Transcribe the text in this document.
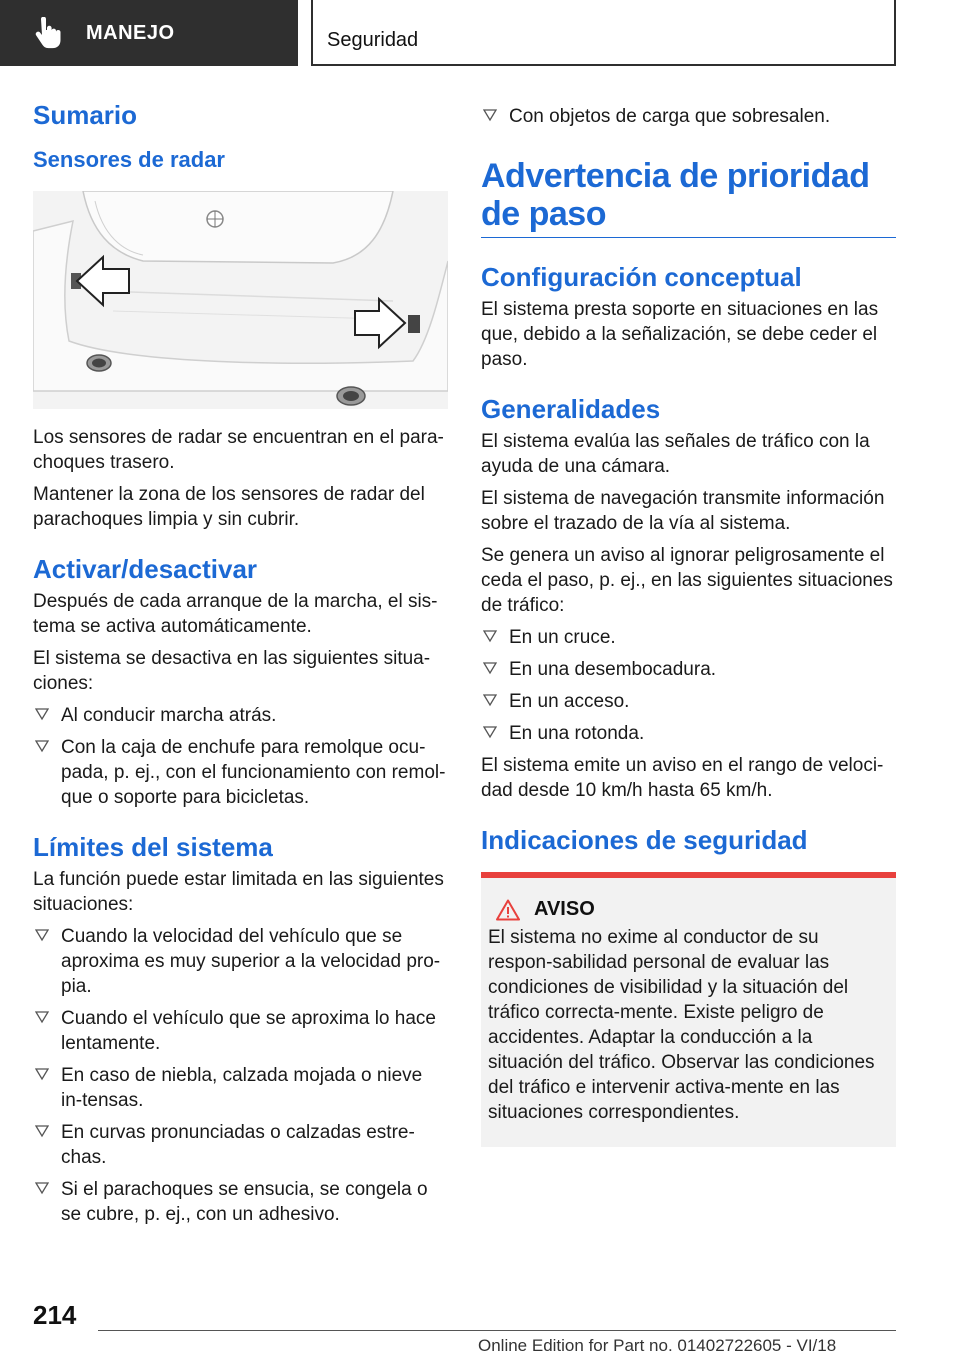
MANEJO	Seguridad
Sumario
Sensores de radar

Los sensores de radar se encuentran en el para‐choques trasero.

Mantener la zona de los sensores de radar del parachoques limpia y sin cubrir.

Activar/desactivar

Después de cada arranque de la marcha, el sis‐tema se activa automáticamente.

El sistema se desactiva en las siguientes situa‐ciones:

Al conducir marcha atrás.
Con la caja de enchufe para remolque ocu‐pada, p. ej., con el funcionamiento con remol‐que o soporte para bicicletas.
Límites del sistema

La función puede estar limitada en las siguientes situaciones:

Cuando la velocidad del vehículo que se aproxima es muy superior a la velocidad pro‐pia.
Cuando el vehículo que se aproxima lo hace lentamente.
En caso de niebla, calzada mojada o nieve in‐tensas.
En curvas pronunciadas o calzadas estre‐chas.
Si el parachoques se ensucia, se congela o se cubre, p. ej., con un adhesivo.
Con objetos de carga que sobresalen.
Advertencia de prioridad de paso
Configuración conceptual

El sistema presta soporte en situaciones en las que, debido a la señalización, se debe ceder el paso.

Generalidades

El sistema evalúa las señales de tráfico con la ayuda de una cámara.

El sistema de navegación transmite información sobre el trazado de la vía al sistema.

Se genera un aviso al ignorar peligrosamente el ceda el paso, p. ej., en las siguientes situaciones de tráfico:

En un cruce.
En una desembocadura.
En un acceso.
En una rotonda.

El sistema emite un aviso en el rango de veloci‐dad desde 10 km/h hasta 65 km/h.

Indicaciones de seguridad
AVISO

El sistema no exime al conductor de su respon‐sabilidad personal de evaluar las condiciones de visibilidad y la situación del tráfico correcta‐mente. Existe peligro de accidentes. Adaptar la conducción a la situación del tráfico. Observar las condiciones del tráfico e intervenir activa‐mente en las situaciones correspondientes.

214
Online Edition for Part no. 01402722605 - VI/18
